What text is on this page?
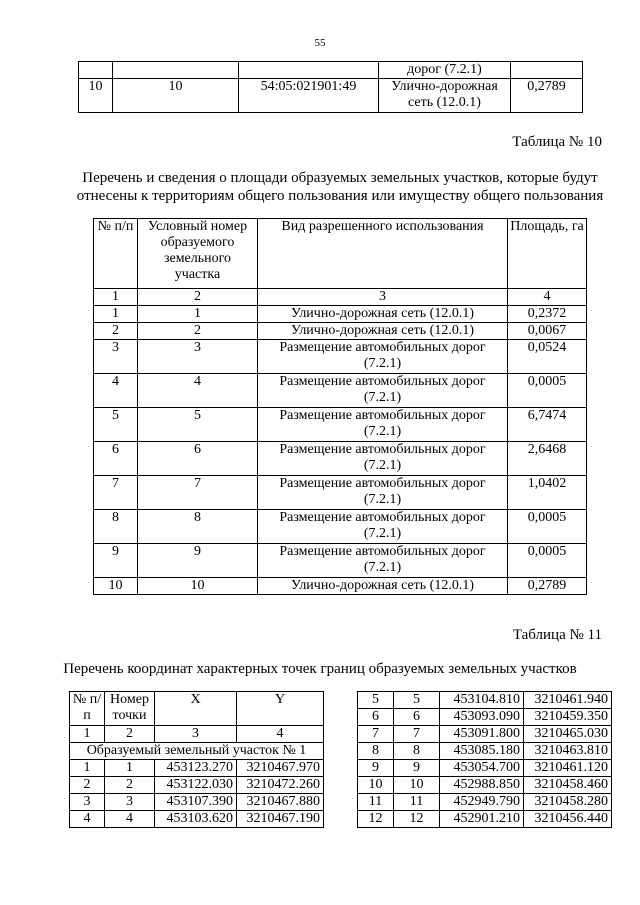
55
			дорог (7.2.1)	
10	10	54:05:021901:49	Улично-дорожная сеть (12.0.1)	0,2789
Таблица № 10
Перечень и сведения о площади образуемых земельных участков, которые будут отнесены к территориям общего пользования или имуществу общего пользования
№ п/п	Условный номер образуемого земельного участка	Вид разрешенного использования	Площадь, га
1	2	3	4
1	1	Улично-дорожная сеть (12.0.1)	0,2372
2	2	Улично-дорожная сеть (12.0.1)	0,0067
3	3	Размещение автомобильных дорог (7.2.1)	0,0524
4	4	Размещение автомобильных дорог (7.2.1)	0,0005
5	5	Размещение автомобильных дорог (7.2.1)	6,7474
6	6	Размещение автомобильных дорог (7.2.1)	2,6468
7	7	Размещение автомобильных дорог (7.2.1)	1,0402
8	8	Размещение автомобильных дорог (7.2.1)	0,0005
9	9	Размещение автомобильных дорог (7.2.1)	0,0005
10	10	Улично-дорожная сеть (12.0.1)	0,2789
Таблица № 11
Перечень координат характерных точек границ образуемых земельных участков
№ п/п	Номер точки	X	Y
1	2	3	4
Образуемый земельный участок № 1			
1	1	453123.270	3210467.970
2	2	453122.030	3210472.260
3	3	453107.390	3210467.880
4	4	453103.620	3210467.190
5	5	453104.810	3210461.940
6	6	453093.090	3210459.350
7	7	453091.800	3210465.030
8	8	453085.180	3210463.810
9	9	453054.700	3210461.120
10	10	452988.850	3210458.460
11	11	452949.790	3210458.280
12	12	452901.210	3210456.440
